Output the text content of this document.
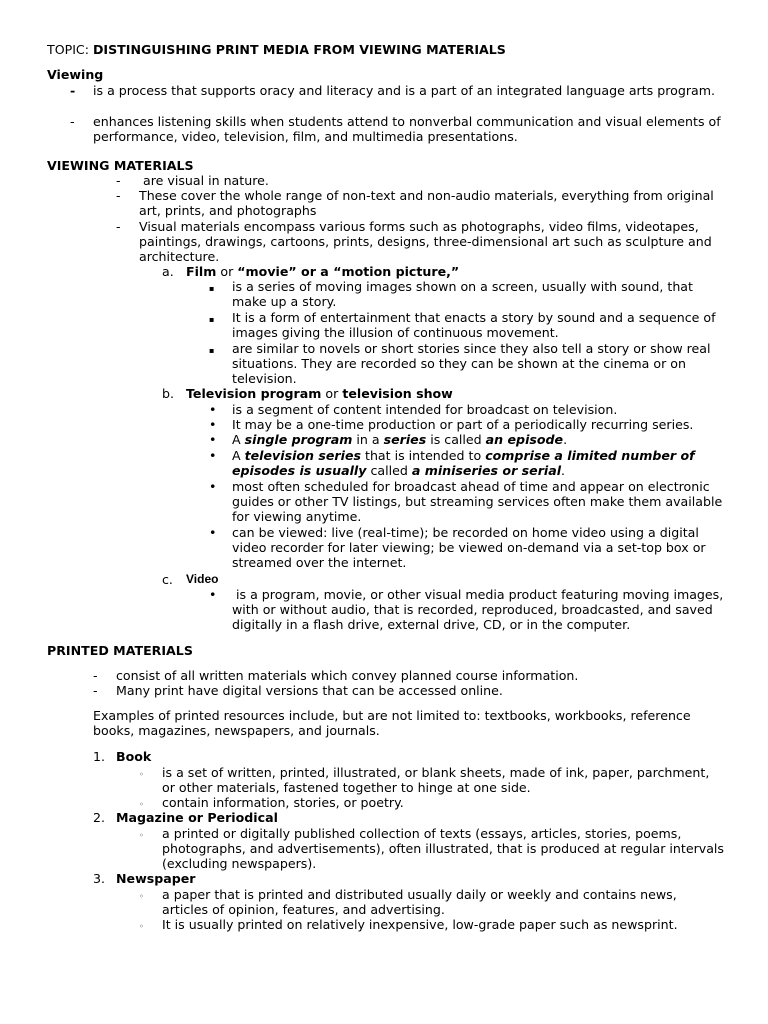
TOPIC: DISTINGUISHING PRINT MEDIA FROM VIEWING MATERIALS
Viewing
- is a process that supports oracy and literacy and is a part of an integrated language arts program.
- enhances listening skills when students attend to nonverbal communication and visual elements of performance, video, television, film, and multimedia presentations.
VIEWING MATERIALS
- are visual in nature.
- These cover the whole range of non-text and non-audio materials, everything from original art, prints, and photographs
- Visual materials encompass various forms such as photographs, video films, videotapes, paintings, drawings, cartoons, prints, designs, three-dimensional art such as sculpture and architecture.
a. Film or “movie” or a “motion picture,”
▪ is a series of moving images shown on a screen, usually with sound, that make up a story.
▪ It is a form of entertainment that enacts a story by sound and a sequence of images giving the illusion of continuous movement.
▪ are similar to novels or short stories since they also tell a story or show real situations. They are recorded so they can be shown at the cinema or on television.
b. Television program or television show
• is a segment of content intended for broadcast on television.
• It may be a one-time production or part of a periodically recurring series.
• A single program in a series is called an episode.
• A television series that is intended to comprise a limited number of
episodes is usually called a miniseries or serial.
• most often scheduled for broadcast ahead of time and appear on electronic guides or other TV listings, but streaming services often make them available for viewing anytime.
• can be viewed: live (real-time); be recorded on home video using a digital video recorder for later viewing; be viewed on-demand via a set-top box or streamed over the internet.
c. Video
• is a program, movie, or other visual media product featuring moving images, with or without audio, that is recorded, reproduced, broadcasted, and saved digitally in a flash drive, external drive, CD, or in the computer.
PRINTED MATERIALS
- consist of all written materials which convey planned course information.
- Many print have digital versions that can be accessed online.
Examples of printed resources include, but are not limited to: textbooks, workbooks, reference books, magazines, newspapers, and journals.
1. Book
◦ is a set of written, printed, illustrated, or blank sheets, made of ink, paper, parchment, or other materials, fastened together to hinge at one side.
◦ contain information, stories, or poetry.
2. Magazine or Periodical
◦ a printed or digitally published collection of texts (essays, articles, stories, poems, photographs, and advertisements), often illustrated, that is produced at regular intervals (excluding newspapers).
3. Newspaper
◦ a paper that is printed and distributed usually daily or weekly and contains news, articles of opinion, features, and advertising.
◦ It is usually printed on relatively inexpensive, low-grade paper such as newsprint.
